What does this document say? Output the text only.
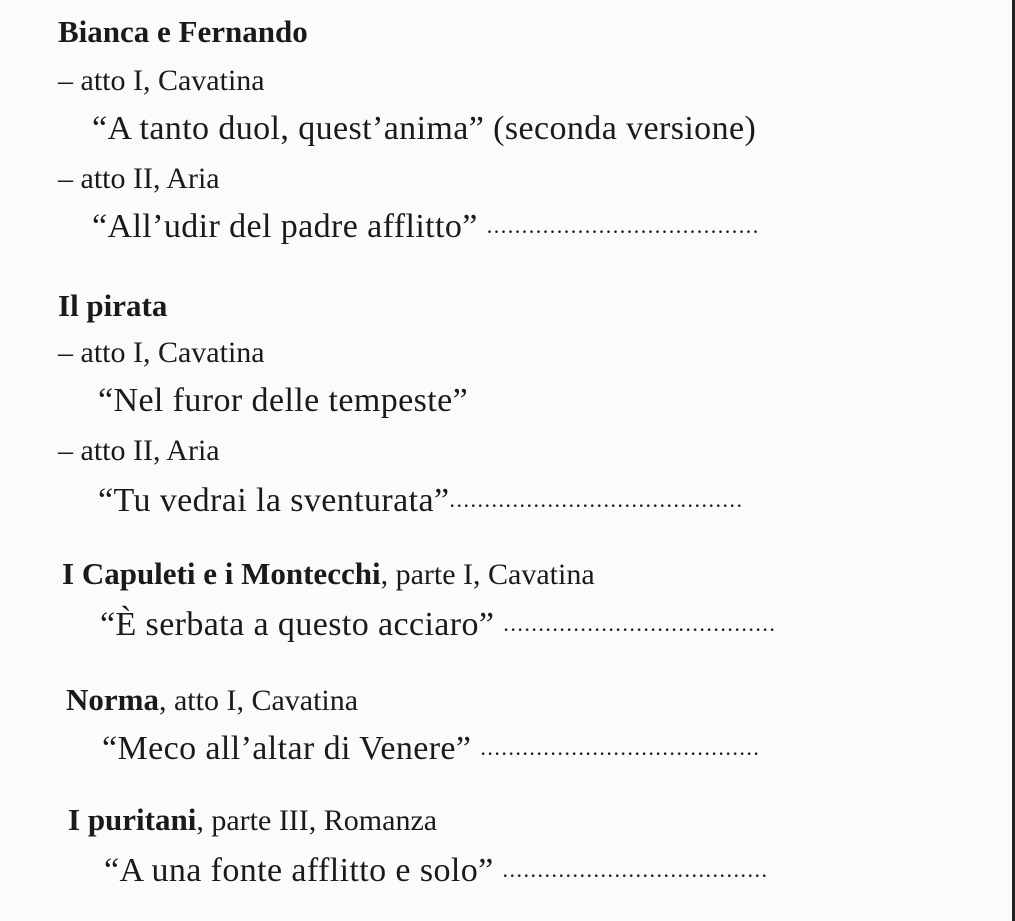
Bianca e Fernando
– atto I, Cavatina
“A tanto duol, quest’anima” (seconda versione)
– atto II, Aria
“All’udir del padre afflitto” .......................................
Il pirata
– atto I, Cavatina
“Nel furor delle tempeste”
– atto II, Aria
“Tu vedrai la sventurata”..........................................
I Capuleti e i Montecchi, parte I, Cavatina
“È serbata a questo acciaro” .......................................
Norma, atto I, Cavatina
“Meco all’altar di Venere” ........................................
I puritani, parte III, Romanza
“A una fonte afflitto e solo” ......................................
